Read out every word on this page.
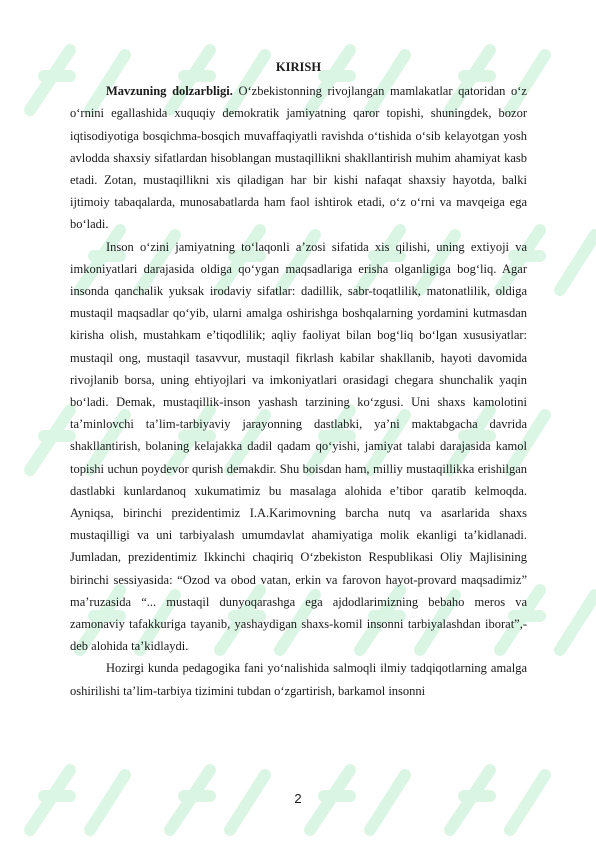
KIRISH

Mavzuning dolzarbligi. O‘zbekistonning rivojlangan mamlakatlar qatoridan o‘z o‘rnini egallashida xuquqiy demokratik jamiyatning qaror topishi, shuningdek, bozor iqtisodiyotiga bosqichma-bosqich muvaffaqiyatli ravishda o‘tishida o‘sib kelayotgan yosh avlodda shaxsiy sifatlardan hisoblangan mustaqillikni shakllantirish muhim ahamiyat kasb etadi. Zotan, mustaqillikni xis qiladigan har bir kishi nafaqat shaxsiy hayotda, balki ijtimoiy tabaqalarda, munosabatlarda ham faol ishtirok etadi, o‘z o‘rni va mavqeiga ega bo‘ladi.

Inson o‘zini jamiyatning to‘laqonli a’zosi sifatida xis qilishi, uning extiyoji va imkoniyatlari darajasida oldiga qo‘ygan maqsadlariga erisha olganligiga bog‘liq. Agar insonda qanchalik yuksak irodaviy sifatlar: dadillik, sabr-toqatlilik, matonatlilik, oldiga mustaqil maqsadlar qo‘yib, ularni amalga oshirishga boshqalarning yordamini kutmasdan kirisha olish, mustahkam e’tiqodlilik; aqliy faoliyat bilan bog‘liq bo‘lgan xususiyatlar: mustaqil ong, mustaqil tasavvur, mustaqil fikrlash kabilar shakllanib, hayoti davomida rivojlanib borsa, uning ehtiyojlari va imkoniyatlari orasidagi chegara shunchalik yaqin bo‘ladi. Demak, mustaqillik-inson yashash tarzining ko‘zgusi. Uni shaxs kamolotini ta’minlovchi ta’lim-tarbiyaviy jarayonning dastlabki, ya’ni maktabgacha davrida shakllantirish, bolaning kelajakka dadil qadam qo‘yishi, jamiyat talabi darajasida kamol topishi uchun poydevor qurish demakdir. Shu boisdan ham, milliy mustaqillikka erishilgan dastlabki kunlardanoq xukumatimiz bu masalaga alohida e’tibor qaratib kelmoqda. Ayniqsa, birinchi prezidentimiz I.A.Karimovning barcha nutq va asarlarida shaxs mustaqilligi va uni tarbiyalash umumdavlat ahamiyatiga molik ekanligi ta’kidlanadi. Jumladan, prezidentimiz Ikkinchi chaqiriq O‘zbekiston Respublikasi Oliy Majlisining birinchi sessiyasida: “Ozod va obod vatan, erkin va farovon hayot-provard maqsadimiz” ma’ruzasida “... mustaqil dunyoqarashga ega ajdodlarimizning bebaho meros va zamonaviy tafakkuriga tayanib, yashaydigan shaxs-komil insonni tarbiyalashdan iborat”,- deb alohida ta’kidlaydi.

Hozirgi kunda pedagogika fani yo‘nalishida salmoqli ilmiy tadqiqotlarning amalga oshirilishi ta’lim-tarbiya tizimini tubdan o‘zgartirish, barkamol insonni

2
